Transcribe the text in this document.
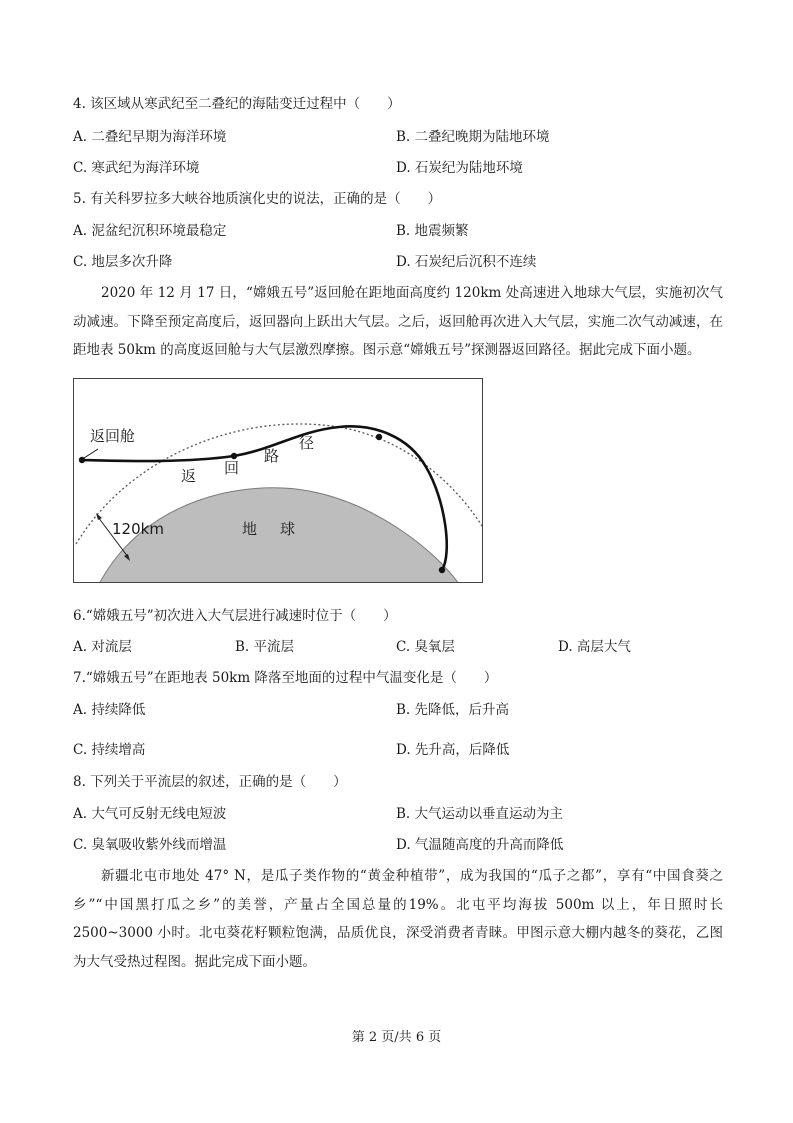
4. 该区域从寒武纪至二叠纪的海陆变迁过程中（　　）
A. 二叠纪早期为海洋环境	B. 二叠纪晚期为陆地环境
C. 寒武纪为海洋环境	D. 石炭纪为陆地环境
5. 有关科罗拉多大峡谷地质演化史的说法，正确的是（　　）
A. 泥盆纪沉积环境最稳定	B. 地震频繁
C. 地层多次升降	D. 石炭纪后沉积不连续
2020 年 12 月 17 日，“嫦娥五号”返回舱在距地面高度约 120km 处高速进入地球大气层，实施初次气动减速。下降至预定高度后，返回器向上跃出大气层。之后，返回舱再次进入大气层，实施二次气动减速，在距地表 50km 的高度返回舱与大气层激烈摩擦。图示意“嫦娥五号”探测器返回路径。据此完成下面小题。
返回舱
返 回
路
径
地 球
120km
6.“嫦娥五号”初次进入大气层进行减速时位于（　　）
A. 对流层	B. 平流层	C. 臭氧层	D. 高层大气
7.“嫦娥五号”在距地表 50km 降落至地面的过程中气温变化是（　　）
A. 持续降低	B. 先降低，后升高
C. 持续增高	D. 先升高，后降低
8. 下列关于平流层的叙述，正确的是（　　）
A. 大气可反射无线电短波	B. 大气运动以垂直运动为主
C. 臭氧吸收紫外线而增温	D. 气温随高度的升高而降低
新疆北屯市地处 47° N，是瓜子类作物的“黄金种植带”，成为我国的“瓜子之都”，享有“中国食葵之乡”“中国黑打瓜之乡”的美誉，产量占全国总量的19%。北屯平均海拔 500m 以上，年日照时长 2500~3000 小时。北屯葵花籽颗粒饱满，品质优良，深受消费者青睐。甲图示意大棚内越冬的葵花，乙图为大气受热过程图。据此完成下面小题。
第 2 页/共 6 页
